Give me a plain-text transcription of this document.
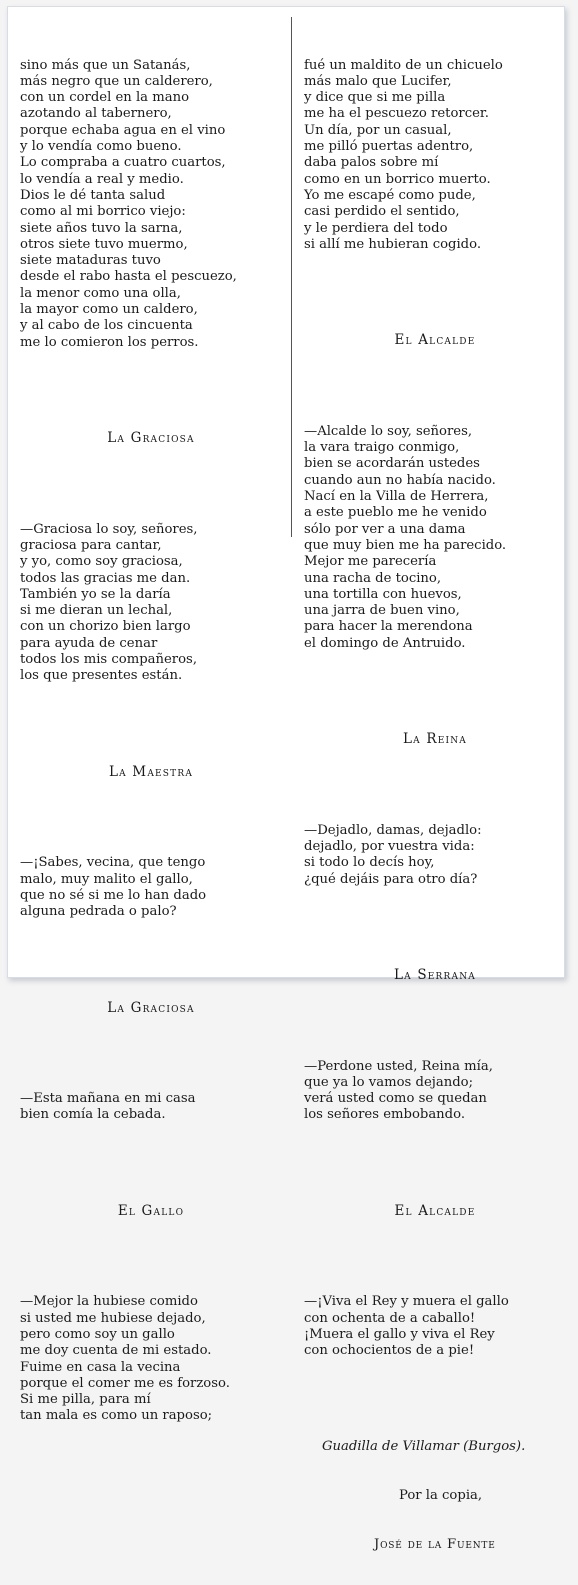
sino más que un Satanás,
más negro que un calderero,
con un cordel en la mano
azotando al tabernero,
porque echaba agua en el vino
y lo vendía como bueno.
Lo compraba a cuatro cuartos,
lo vendía a real y medio.
Dios le dé tanta salud
como al mi borrico viejo:
siete años tuvo la sarna,
otros siete tuvo muermo,
siete mataduras tuvo
desde el rabo hasta el pescuezo,
la menor como una olla,
la mayor como un caldero,
y al cabo de los cincuenta
me lo comieron los perros.

La Graciosa

—Graciosa lo soy, señores,
graciosa para cantar,
y yo, como soy graciosa,
todos las gracias me dan.
También yo se la daría
si me dieran un lechal,
con un chorizo bien largo
para ayuda de cenar
todos los mis compañeros,
los que presentes están.

La Maestra

—¡Sabes, vecina, que tengo
malo, muy malito el gallo,
que no sé si me lo han dado
alguna pedrada o palo?

La Graciosa

—Esta mañana en mi casa
bien comía la cebada.

El Gallo

—Mejor la hubiese comido
si usted me hubiese dejado,
pero como soy un gallo
me doy cuenta de mi estado.
Fuime en casa la vecina
porque el comer me es forzoso.
Si me pilla, para mí
tan mala es como un raposo;

fué un maldito de un chicuelo
más malo que Lucifer,
y dice que si me pilla
me ha el pescuezo retorcer.
Un día, por un casual,
me pilló puertas adentro,
daba palos sobre mí
como en un borrico muerto.
Yo me escapé como pude,
casi perdido el sentido,
y le perdiera del todo
si allí me hubieran cogido.

El Alcalde

—Alcalde lo soy, señores,
la vara traigo conmigo,
bien se acordarán ustedes
cuando aun no había nacido.
Nací en la Villa de Herrera,
a este pueblo me he venido
sólo por ver a una dama
que muy bien me ha parecido.
Mejor me parecería
una racha de tocino,
una tortilla con huevos,
una jarra de buen vino,
para hacer la merendona
el domingo de Antruido.

La Reina

—Dejadlo, damas, dejadlo:
dejadlo, por vuestra vida:
si todo lo decís hoy,
¿qué dejáis para otro día?

La Serrana

—Perdone usted, Reina mía,
que ya lo vamos dejando;
verá usted como se quedan
los señores embobando.

El Alcalde

—¡Viva el Rey y muera el gallo
con ochenta de a caballo!
¡Muera el gallo y viva el Rey
con ochocientos de a pie!

Guadilla de Villamar (Burgos).

Por la copia,

José de la Fuente
